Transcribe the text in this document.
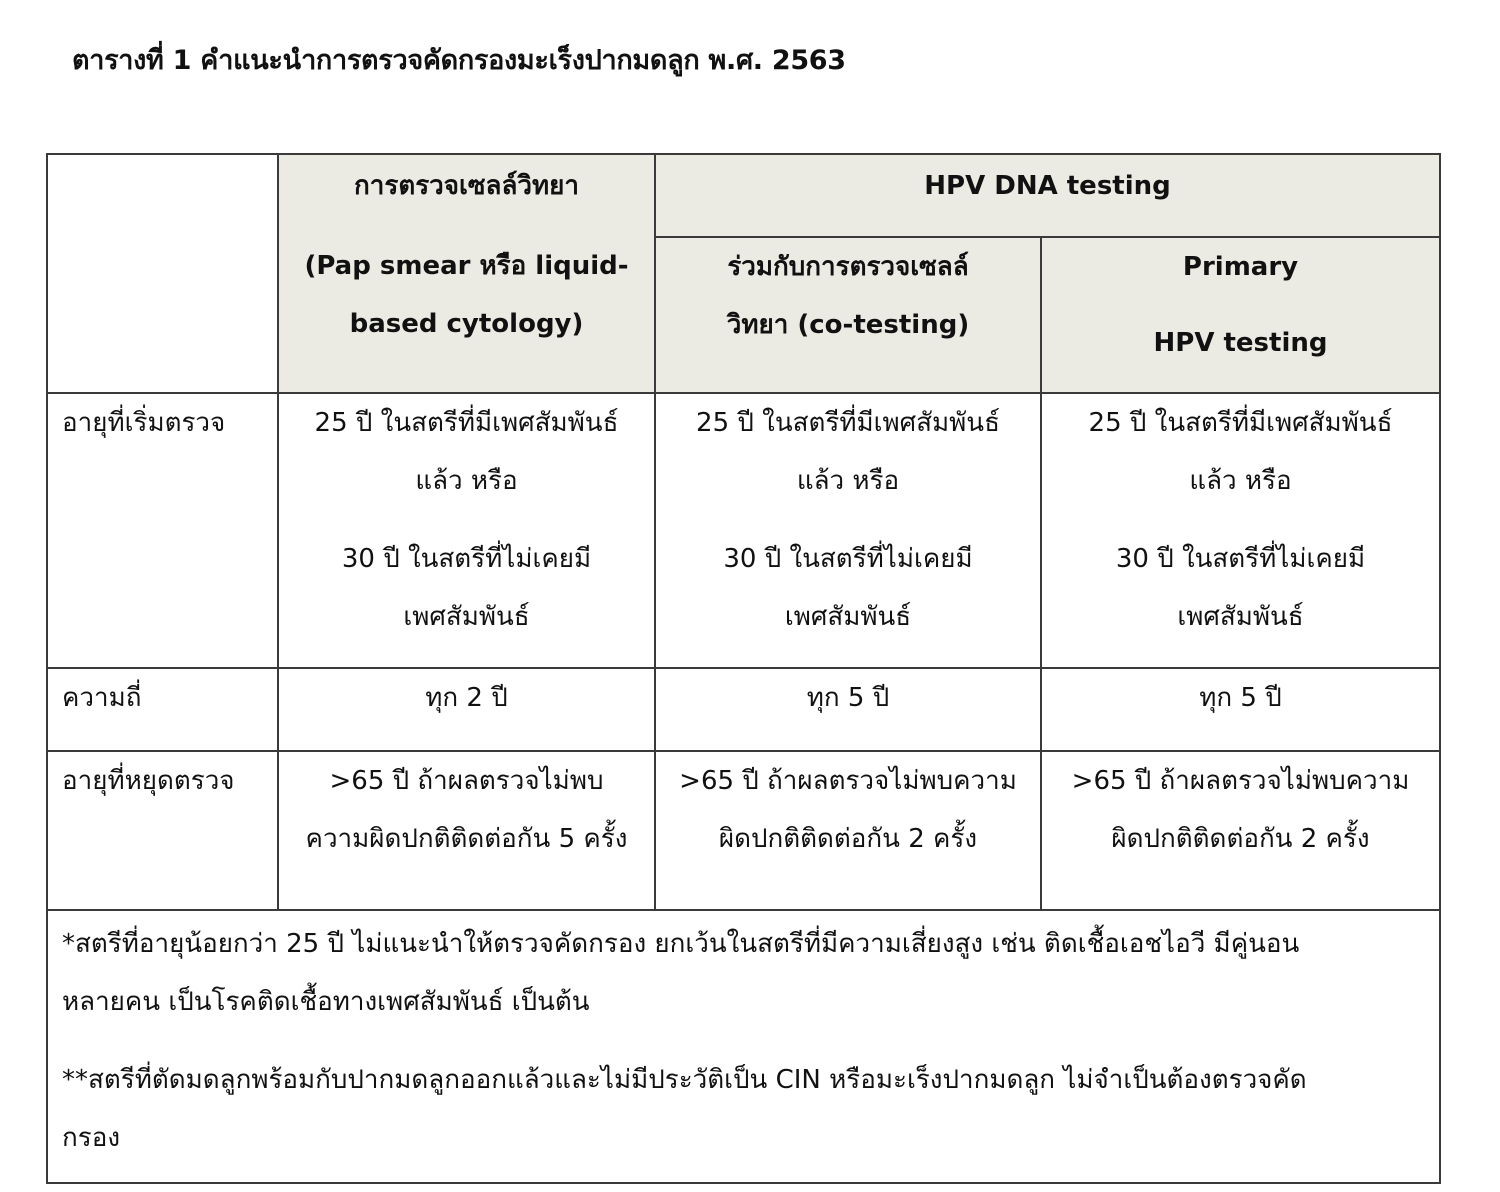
ตารางที่ 1 คำแนะนำการตรวจคัดกรองมะเร็งปากมดลูก พ.ศ. 2563

	การตรวจเซลล์วิทยา
(Pap smear หรือ liquid-
based cytology)	HPV DNA testing	

		ร่วมกับการตรวจเซลล์
วิทยา (co-testing)	Primary
HPV testing

อายุที่เริ่มตรวจ	25 ปี ในสตรีที่มีเพศสัมพันธ์
แล้ว หรือ
30 ปี ในสตรีที่ไม่เคยมี
เพศสัมพันธ์	25 ปี ในสตรีที่มีเพศสัมพันธ์
แล้ว หรือ
30 ปี ในสตรีที่ไม่เคยมี
เพศสัมพันธ์	25 ปี ในสตรีที่มีเพศสัมพันธ์
แล้ว หรือ
30 ปี ในสตรีที่ไม่เคยมี
เพศสัมพันธ์

ความถี่	ทุก 2 ปี	ทุก 5 ปี	ทุก 5 ปี

อายุที่หยุดตรวจ	>65 ปี ถ้าผลตรวจไม่พบ
ความผิดปกติติดต่อกัน 5 ครั้ง	>65 ปี ถ้าผลตรวจไม่พบความ
ผิดปกติติดต่อกัน 2 ครั้ง	>65 ปี ถ้าผลตรวจไม่พบความ
ผิดปกติติดต่อกัน 2 ครั้ง

*สตรีที่อายุน้อยกว่า 25 ปี ไม่แนะนำให้ตรวจคัดกรอง ยกเว้นในสตรีที่มีความเสี่ยงสูง เช่น ติดเชื้อเอชไอวี มีคู่นอน
หลายคน เป็นโรคติดเชื้อทางเพศสัมพันธ์ เป็นต้น
**สตรีที่ตัดมดลูกพร้อมกับปากมดลูกออกแล้วและไม่มีประวัติเป็น CIN หรือมะเร็งปากมดลูก ไม่จำเป็นต้องตรวจคัด
กรอง			
